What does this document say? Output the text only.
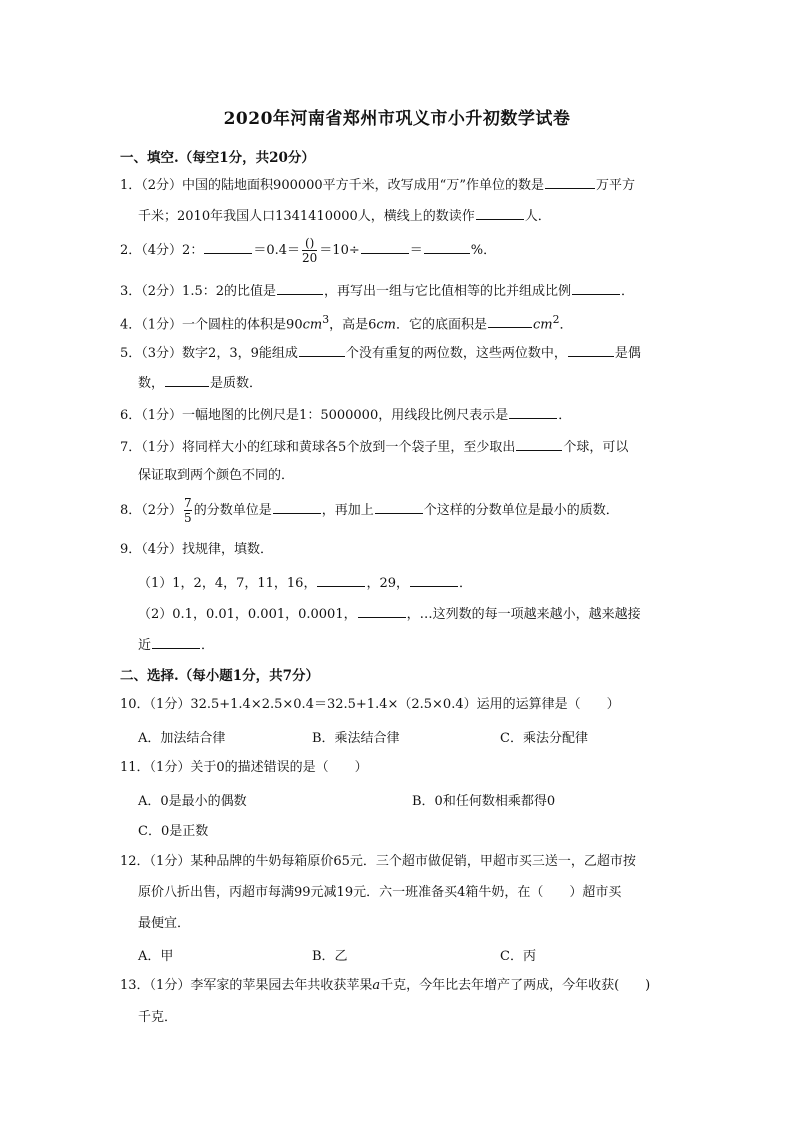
2020年河南省郑州市巩义市小升初数学试卷
一、填空.（每空1分，共20分）
1．（2分）中国的陆地面积900000平方千米，改写成用“万”作单位的数是	万平方
千米；2010年我国人口1341410000人，横线上的数读作	人．
2．（4分）2：	$=0.4= \frac{()}{20} =10\div$	＝	%．
3．（2分）1.5：2的比值是	，再写出一组与它比值相等的比并组成比例	．
4．（1分）一个圆柱的体积是$90cm^3$，高是6cm．它的底面积是	$cm^2$．
5．（3分）数字2，3，9能组成	个没有重复的两位数，这些两位数中，	是偶
数，	是质数．
6．（1分）一幅地图的比例尺是1：5000000，用线段比例尺表示是	．
7．（1分）将同样大小的红球和黄球各5个放到一个袋子里，至少取出	个球，可以
保证取到两个颜色不同的．
8．（2分） $\frac{7}{5}$ 的分数单位是	，再加上	个这样的分数单位是最小的质数．
9．（4分）找规律，填数．
（1）1，2，4，7，11，16，	，29，	．
（2）0.1，0.01，0.001，0.0001，	，…这列数的每一项越来越小，越来越接
近	．
二、选择.（每小题1分，共7分）
10．（1分）32.5+1.4×2.5×0.4＝32.5+1.4×（2.5×0.4）运用的运算律是（　　）
A．加法结合律	B．乘法结合律	C．乘法分配律
11．（1分）关于0的描述错误的是（　　）
A．0是最小的偶数	B．0和任何数相乘都得0
C．0是正数
12．（1分）某种品牌的牛奶每箱原价65元．三个超市做促销，甲超市买三送一，乙超市按
原价八折出售，丙超市每满99元减19元．六一班准备买4箱牛奶，在（　　）超市买
最便宜．
A．甲	B．乙	C．丙
13．（1分）李军家的苹果园去年共收获苹果a千克，今年比去年增产了两成，今年收获(　　)
千克．
